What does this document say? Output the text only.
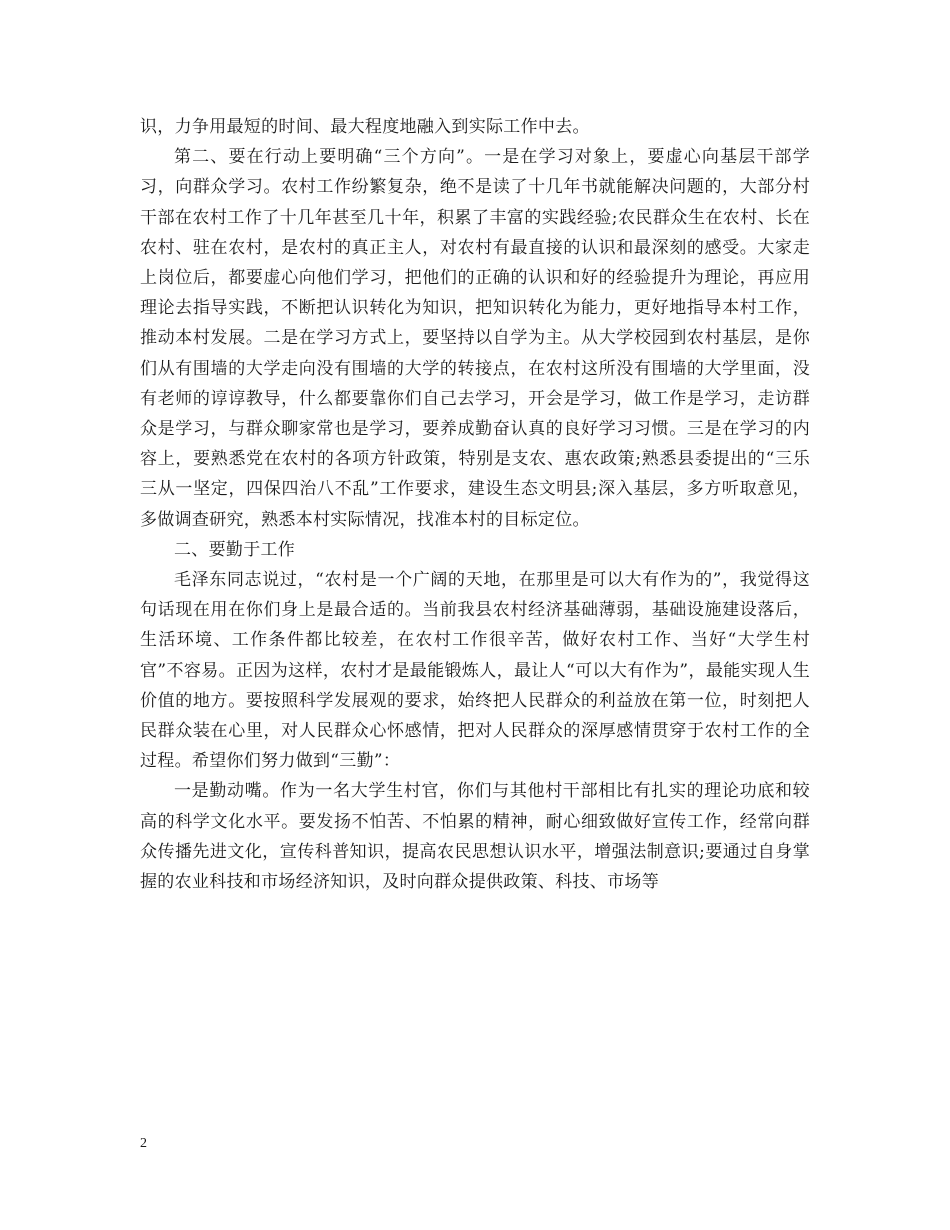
识，力争用最短的时间、最大程度地融入到实际工作中去。

第二、要在行动上要明确“三个方向”。一是在学习对象上，要虚心向基层干部学习，向群众学习。农村工作纷繁复杂，绝不是读了十几年书就能解决问题的，大部分村干部在农村工作了十几年甚至几十年，积累了丰富的实践经验;农民群众生在农村、长在农村、驻在农村，是农村的真正主人，对农村有最直接的认识和最深刻的感受。大家走上岗位后，都要虚心向他们学习，把他们的正确的认识和好的经验提升为理论，再应用理论去指导实践，不断把认识转化为知识，把知识转化为能力，更好地指导本村工作，推动本村发展。二是在学习方式上，要坚持以自学为主。从大学校园到农村基层，是你们从有围墙的大学走向没有围墙的大学的转接点，在农村这所没有围墙的大学里面，没有老师的谆谆教导，什么都要靠你们自己去学习，开会是学习，做工作是学习，走访群众是学习，与群众聊家常也是学习，要养成勤奋认真的良好学习习惯。三是在学习的内容上，要熟悉党在农村的各项方针政策，特别是支农、惠农政策;熟悉县委提出的“三乐三从一坚定，四保四治八不乱”工作要求，建设生态文明县;深入基层，多方听取意见，多做调查研究，熟悉本村实际情况，找准本村的目标定位。

二、要勤于工作

毛泽东同志说过，“农村是一个广阔的天地，在那里是可以大有作为的”，我觉得这句话现在用在你们身上是最合适的。当前我县农村经济基础薄弱，基础设施建设落后，生活环境、工作条件都比较差，在农村工作很辛苦，做好农村工作、当好“大学生村官”不容易。正因为这样，农村才是最能锻炼人，最让人“可以大有作为”，最能实现人生价值的地方。要按照科学发展观的要求，始终把人民群众的利益放在第一位，时刻把人民群众装在心里，对人民群众心怀感情，把对人民群众的深厚感情贯穿于农村工作的全过程。希望你们努力做到“三勤”：

一是勤动嘴。作为一名大学生村官，你们与其他村干部相比有扎实的理论功底和较高的科学文化水平。要发扬不怕苦、不怕累的精神，耐心细致做好宣传工作，经常向群众传播先进文化，宣传科普知识，提高农民思想认识水平，增强法制意识;要通过自身掌握的农业科技和市场经济知识，及时向群众提供政策、科技、市场等

2
